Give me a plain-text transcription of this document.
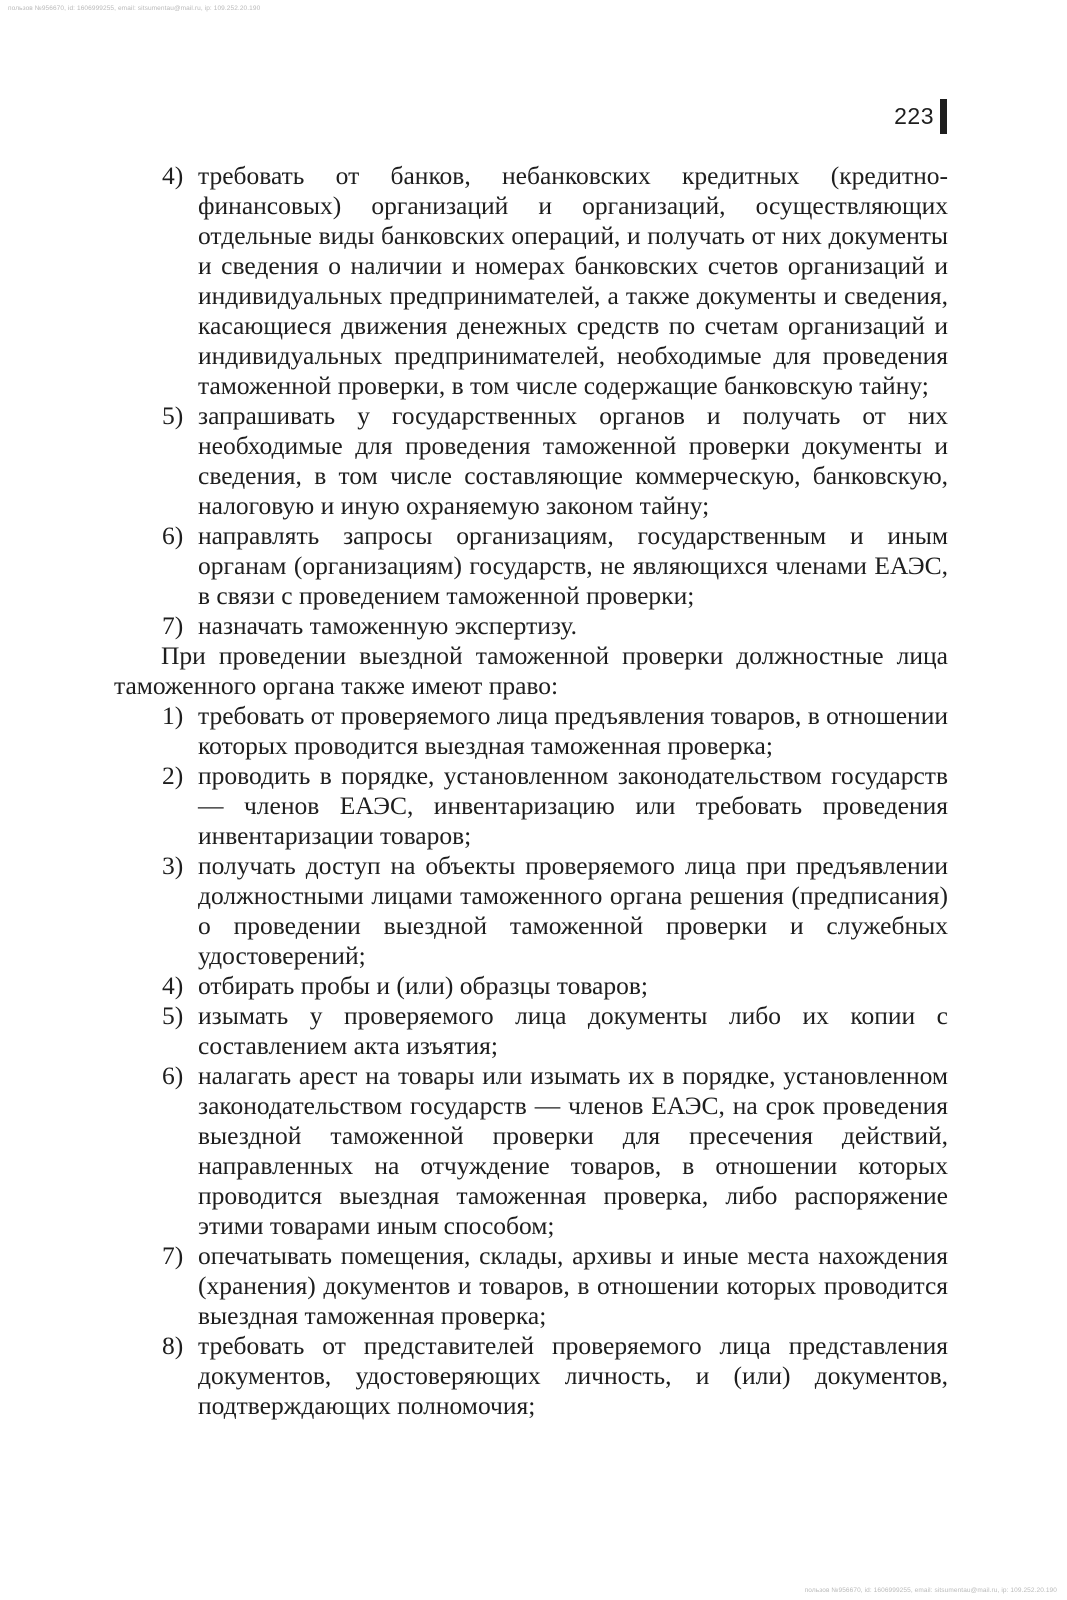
пользов №956670, id: 1606999255, email: sitsumentau@mail.ru, ip: 109.252.20.190
223
4) требовать от банков, небанковских кредитных (кредитно-финансовых) организаций и организаций, осуществляющих отдельные виды банковских операций, и получать от них документы и сведения о наличии и номерах банковских счетов организаций и индивидуальных предпринимателей, а также документы и сведения, касающиеся движения денежных средств по счетам организаций и индивидуальных предпринимателей, необходимые для проведения таможенной проверки, в том числе содержащие банковскую тайну;
5) запрашивать у государственных органов и получать от них необходимые для проведения таможенной проверки документы и сведения, в том числе составляющие коммерческую, банковскую, налоговую и иную охраняемую законом тайну;
6) направлять запросы организациям, государственным и иным органам (организациям) государств, не являющихся членами ЕАЭС, в связи с проведением таможенной проверки;
7) назначать таможенную экспертизу.

При проведении выездной таможенной проверки должностные лица таможенного органа также имеют право:

1) требовать от проверяемого лица предъявления товаров, в отношении которых проводится выездная таможенная проверка;
2) проводить в порядке, установленном законодательством государств — членов ЕАЭС, инвентаризацию или требовать проведения инвентаризации товаров;
3) получать доступ на объекты проверяемого лица при предъявлении должностными лицами таможенного органа решения (предписания) о проведении выездной таможенной проверки и служебных удостоверений;
4) отбирать пробы и (или) образцы товаров;
5) изымать у проверяемого лица документы либо их копии с составлением акта изъятия;
6) налагать арест на товары или изымать их в порядке, установленном законодательством государств — членов ЕАЭС, на срок проведения выездной таможенной проверки для пресечения действий, направленных на отчуждение товаров, в отношении которых проводится выездная таможенная проверка, либо распоряжение этими товарами иным способом;
7) опечатывать помещения, склады, архивы и иные места нахождения (хранения) документов и товаров, в отношении которых проводится выездная таможенная проверка;
8) требовать от представителей проверяемого лица представления документов, удостоверяющих личность, и (или) документов, подтверждающих полномочия;
пользов №956670, id: 1606999255, email: sitsumentau@mail.ru, ip: 109.252.20.190
